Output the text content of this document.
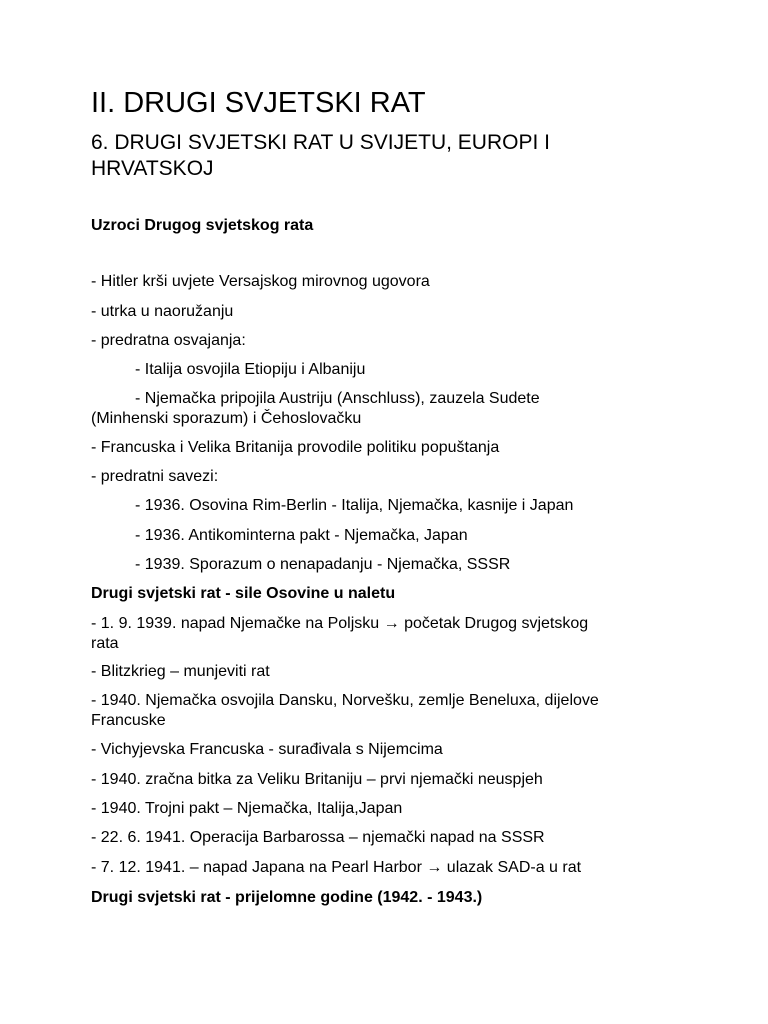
II. DRUGI SVJETSKI RAT
6. DRUGI SVJETSKI RAT U SVIJETU, EUROPI I
HRVATSKOJ

Uzroci Drugog svjetskog rata

- Hitler krši uvjete Versajskog mirovnog ugovora

- utrka u naoružanju

- predratna osvajanja:

- Italija osvojila Etiopiju i Albaniju

- Njemačka pripojila Austriju (Anschluss), zauzela Sudete

(Minhenski sporazum) i Čehoslovačku

- Francuska i Velika Britanija provodile politiku popuštanja

- predratni savezi:

- 1936. Osovina Rim-Berlin - Italija, Njemačka, kasnije i Japan

- 1936. Antikominterna pakt - Njemačka, Japan

- 1939. Sporazum o nenapadanju - Njemačka, SSSR

Drugi svjetski rat - sile Osovine u naletu

- 1. 9. 1939. napad Njemačke na Poljsku → početak Drugog svjetskog

rata

- Blitzkrieg – munjeviti rat

- 1940. Njemačka osvojila Dansku, Norvešku, zemlje Beneluxa, dijelove

Francuske

- Vichyjevska Francuska - surađivala s Nijemcima

- 1940. zračna bitka za Veliku Britaniju – prvi njemački neuspjeh

- 1940. Trojni pakt – Njemačka, Italija,Japan

- 22. 6. 1941. Operacija Barbarossa – njemački napad na SSSR

- 7. 12. 1941. – napad Japana na Pearl Harbor → ulazak SAD-a u rat

Drugi svjetski rat - prijelomne godine (1942. - 1943.)
